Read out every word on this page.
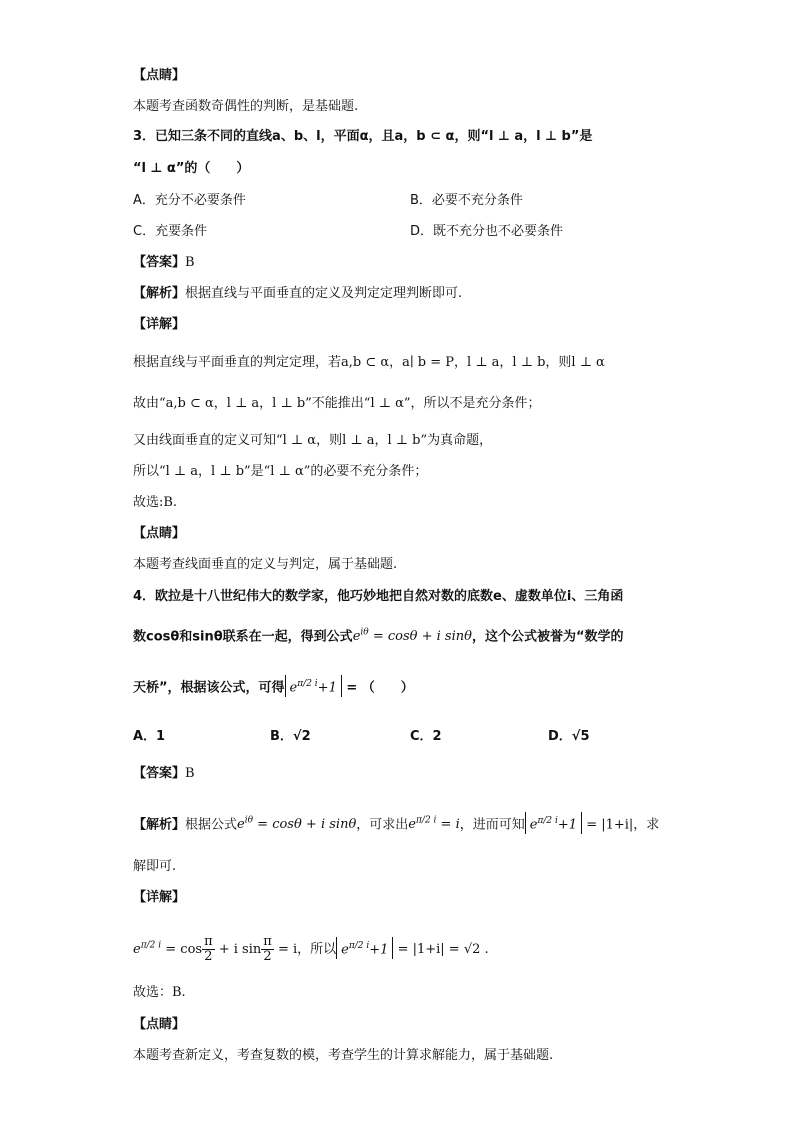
【点睛】
本题考查函数奇偶性的判断，是基础题.
3．已知三条不同的直线a、b、l，平面α，且a，b ⊂ α，则“l ⊥ a，l ⊥ b”是
“l ⊥ α”的（　　）
A．充分不必要条件	B．必要不充分条件
C．充要条件	D．既不充分也不必要条件
【答案】B
【解析】根据直线与平面垂直的定义及判定定理判断即可.
【详解】
根据直线与平面垂直的判定定理，若a,b ⊂ α，a∣ b = P，l ⊥ a，l ⊥ b，则l ⊥ α
故由“a,b ⊂ α，l ⊥ a，l ⊥ b”不能推出“l ⊥ α”，所以不是充分条件；
又由线面垂直的定义可知“l ⊥ α，则l ⊥ a，l ⊥ b”为真命题，
所以“l ⊥ a，l ⊥ b”是“l ⊥ α”的必要不充分条件；
故选:B.
【点睛】
本题考查线面垂直的定义与判定，属于基础题.
4．欧拉是十八世纪伟大的数学家，他巧妙地把自然对数的底数e、虚数单位i、三角函
数cosθ和sinθ联系在一起，得到公式$e^{i\theta} = \cos\theta + i$ sinθ，这个公式被誉为“数学的
天桥”，根据该公式，可得 $e^{\pi/2 i}+1$ = （　　）
A．1	B．√2	C．2	D．√5
【答案】B
【解析】根据公式$e^{i\theta} = \cos\theta + i$ sinθ，可求出$e^{\pi/2 i} = i$，进而可知 $e^{\pi/2 i}+1 = |1+i|$，求
解即可.
【详解】
$e^{\pi/2 i} = \cos \frac{\pi}{2} + i$ $\sin \frac{\pi}{2} = i$，所以 $e^{\pi/2 i}+1 = |1+i| = √2$ .
故选：B.
【点睛】
本题考查新定义，考查复数的模，考查学生的计算求解能力，属于基础题.
